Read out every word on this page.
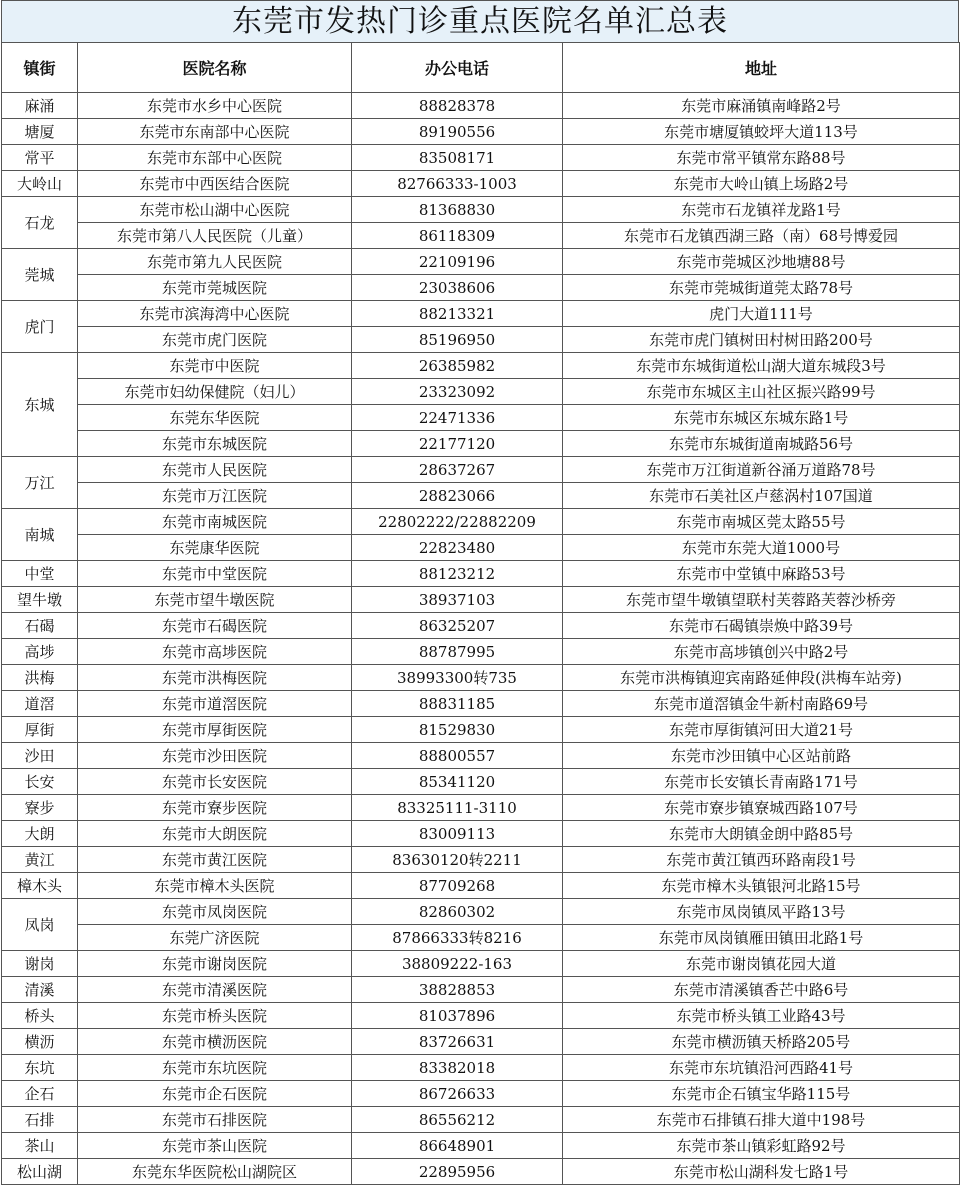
东莞市发热门诊重点医院名单汇总表
镇街	医院名称	办公电话	地址
麻涌	东莞市水乡中心医院	88828378	东莞市麻涌镇南峰路2号
塘厦	东莞市东南部中心医院	89190556	东莞市塘厦镇蛟坪大道113号
常平	东莞市东部中心医院	83508171	东莞市常平镇常东路88号
大岭山	东莞市中西医结合医院	82766333-1003	东莞市大岭山镇上场路2号
石龙	东莞市松山湖中心医院	81368830	东莞市石龙镇祥龙路1号
	东莞市第八人民医院（儿童）	86118309	东莞市石龙镇西湖三路（南）68号博爱园
莞城	东莞市第九人民医院	22109196	东莞市莞城区沙地塘88号
	东莞市莞城医院	23038606	东莞市莞城街道莞太路78号
虎门	东莞市滨海湾中心医院	88213321	虎门大道111号
	东莞市虎门医院	85196950	东莞市虎门镇树田村树田路200号
东城	东莞市中医院	26385982	东莞市东城街道松山湖大道东城段3号
	东莞市妇幼保健院（妇儿）	23323092	东莞市东城区主山社区振兴路99号
	东莞东华医院	22471336	东莞市东城区东城东路1号
	东莞市东城医院	22177120	东莞市东城街道南城路56号
万江	东莞市人民医院	28637267	东莞市万江街道新谷涌万道路78号
	东莞市万江医院	28823066	东莞市石美社区卢慈涡村107国道
南城	东莞市南城医院	22802222/22882209	东莞市南城区莞太路55号
	东莞康华医院	22823480	东莞市东莞大道1000号
中堂	东莞市中堂医院	88123212	东莞市中堂镇中麻路53号
望牛墩	东莞市望牛墩医院	38937103	东莞市望牛墩镇望联村芙蓉路芙蓉沙桥旁
石碣	东莞市石碣医院	86325207	东莞市石碣镇崇焕中路39号
高埗	东莞市高埗医院	88787995	东莞市高埗镇创兴中路2号
洪梅	东莞市洪梅医院	38993300转735	东莞市洪梅镇迎宾南路延伸段(洪梅车站旁)
道滘	东莞市道滘医院	88831185	东莞市道滘镇金牛新村南路69号
厚街	东莞市厚街医院	81529830	东莞市厚街镇河田大道21号
沙田	东莞市沙田医院	88800557	东莞市沙田镇中心区站前路
长安	东莞市长安医院	85341120	东莞市长安镇长青南路171号
寮步	东莞市寮步医院	83325111-3110	东莞市寮步镇寮城西路107号
大朗	东莞市大朗医院	83009113	东莞市大朗镇金朗中路85号
黄江	东莞市黄江医院	83630120转2211	东莞市黄江镇西环路南段1号
樟木头	东莞市樟木头医院	87709268	东莞市樟木头镇银河北路15号
凤岗	东莞市凤岗医院	82860302	东莞市凤岗镇凤平路13号
	东莞广济医院	87866333转8216	东莞市凤岗镇雁田镇田北路1号
谢岗	东莞市谢岗医院	38809222-163	东莞市谢岗镇花园大道
清溪	东莞市清溪医院	38828853	东莞市清溪镇香芒中路6号
桥头	东莞市桥头医院	81037896	东莞市桥头镇工业路43号
横沥	东莞市横沥医院	83726631	东莞市横沥镇天桥路205号
东坑	东莞市东坑医院	83382018	东莞市东坑镇沿河西路41号
企石	东莞市企石医院	86726633	东莞市企石镇宝华路115号
石排	东莞市石排医院	86556212	东莞市石排镇石排大道中198号
茶山	东莞市茶山医院	86648901	东莞市茶山镇彩虹路92号
松山湖	东莞东华医院松山湖院区	22895956	东莞市松山湖科发七路1号
